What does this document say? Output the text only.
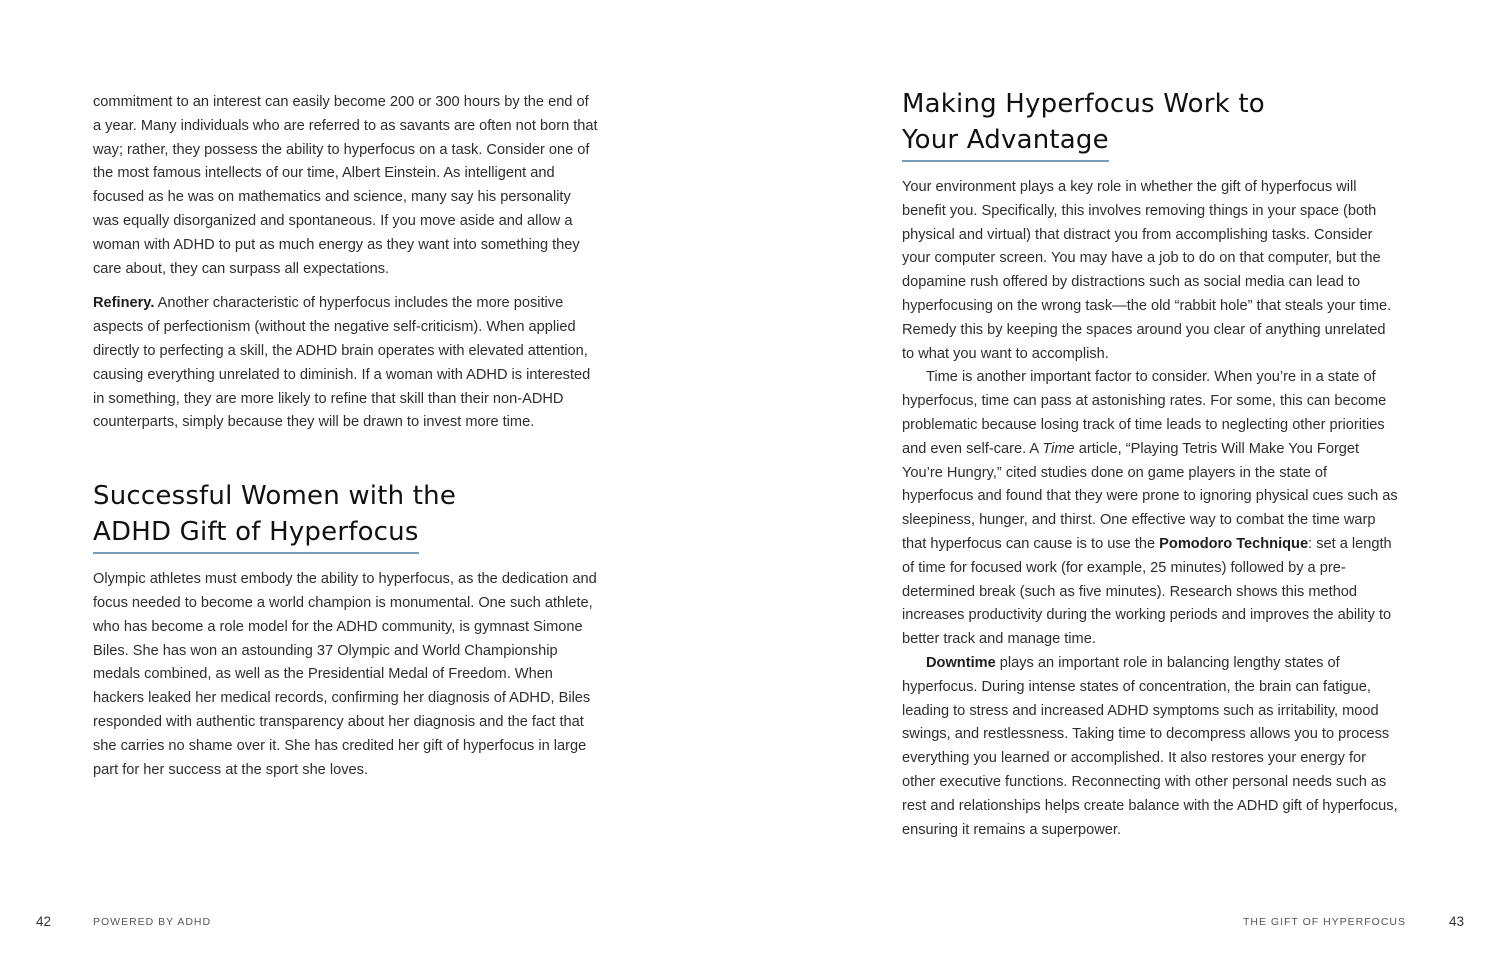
commitment to an interest can easily become 200 or 300 hours by the end of a year. Many individuals who are referred to as savants are often not born that way; rather, they possess the ability to hyperfocus on a task. Consider one of the most famous intellects of our time, Albert Einstein. As intelligent and focused as he was on mathematics and science, many say his personality was equally disorganized and spontaneous. If you move aside and allow a woman with ADHD to put as much energy as they want into something they care about, they can surpass all expectations.

Refinery. Another characteristic of hyperfocus includes the more positive aspects of perfectionism (without the negative self-criticism). When applied directly to perfecting a skill, the ADHD brain operates with elevated attention, causing everything unrelated to diminish. If a woman with ADHD is interested in something, they are more likely to refine that skill than their non-ADHD counterparts, simply because they will be drawn to invest more time.

Successful Women with the
ADHD Gift of Hyperfocus

Olympic athletes must embody the ability to hyperfocus, as the dedication and focus needed to become a world champion is monumental. One such athlete, who has become a role model for the ADHD community, is gymnast Simone Biles. She has won an astounding 37 Olympic and World Championship medals combined, as well as the Presidential Medal of Freedom. When hackers leaked her medical records, confirming her diagnosis of ADHD, Biles responded with authentic transparency about her diagnosis and the fact that she carries no shame over it. She has credited her gift of hyperfocus in large part for her success at the sport she loves.

42	POWERED BY ADHD
Making Hyperfocus Work to
Your Advantage

Your environment plays a key role in whether the gift of hyperfocus will benefit you. Specifically, this involves removing things in your space (both physical and virtual) that distract you from accomplishing tasks. Consider your computer screen. You may have a job to do on that computer, but the dopamine rush offered by distractions such as social media can lead to hyperfocusing on the wrong task—the old “rabbit hole” that steals your time. Remedy this by keeping the spaces around you clear of anything unrelated to what you want to accomplish.

Time is another important factor to consider. When you’re in a state of hyperfocus, time can pass at astonishing rates. For some, this can become problematic because losing track of time leads to neglecting other priorities and even self-care. A Time article, “Playing Tetris Will Make You Forget You’re Hungry,” cited studies done on game players in the state of hyperfocus and found that they were prone to ignoring physical cues such as sleepiness, hunger, and thirst. One effective way to combat the time warp that hyperfocus can cause is to use the Pomodoro Technique: set a length of time for focused work (for example, 25 minutes) followed by a pre-determined break (such as five minutes). Research shows this method increases productivity during the working periods and improves the ability to better track and manage time.

Downtime plays an important role in balancing lengthy states of hyperfocus. During intense states of concentration, the brain can fatigue, leading to stress and increased ADHD symptoms such as irritability, mood swings, and restlessness. Taking time to decompress allows you to process everything you learned or accomplished. It also restores your energy for other executive functions. Reconnecting with other personal needs such as rest and relationships helps create balance with the ADHD gift of hyperfocus, ensuring it remains a superpower.

THE GIFT OF HYPERFOCUS	43
